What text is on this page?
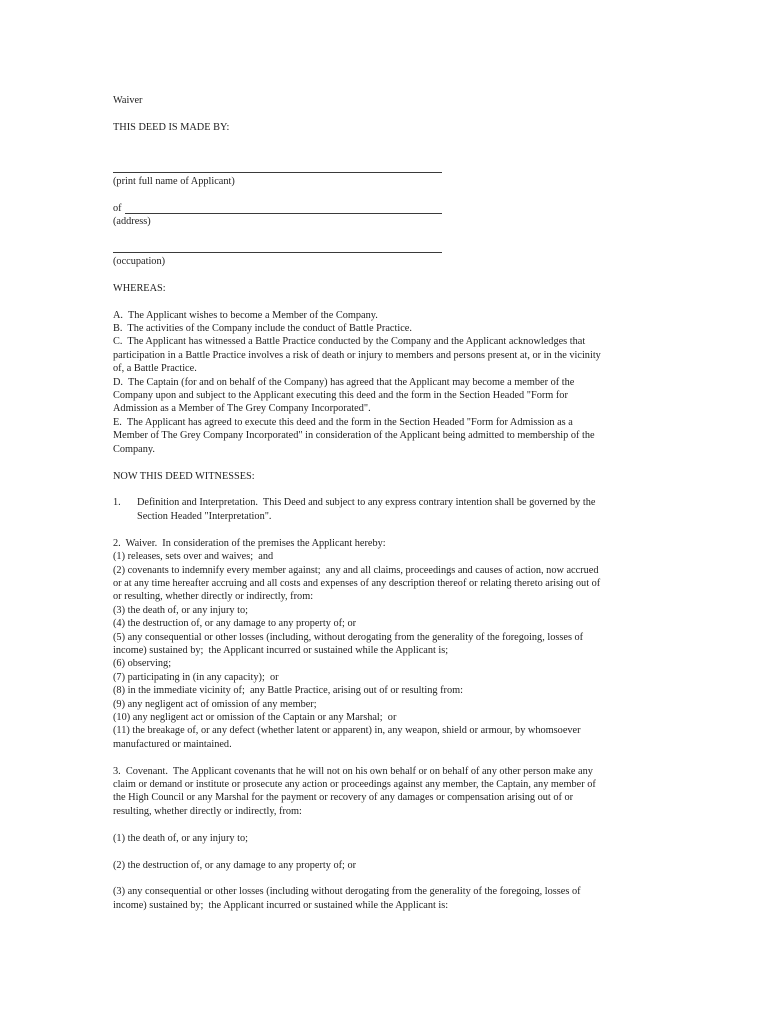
Waiver
THIS DEED IS MADE BY:
(print full name of Applicant)
of
(address)
(occupation)
WHEREAS:
A.  The Applicant wishes to become a Member of the Company.
B.  The activities of the Company include the conduct of Battle Practice.
C.  The Applicant has witnessed a Battle Practice conducted by the Company and the Applicant acknowledges that
participation in a Battle Practice involves a risk of death or injury to members and persons present at, or in the vicinity
of, a Battle Practice.
D.  The Captain (for and on behalf of the Company) has agreed that the Applicant may become a member of the
Company upon and subject to the Applicant executing this deed and the form in the Section Headed "Form for
Admission as a Member of The Grey Company Incorporated".
E.  The Applicant has agreed to execute this deed and the form in the Section Headed "Form for Admission as a
Member of The Grey Company Incorporated" in consideration of the Applicant being admitted to membership of the
Company.
NOW THIS DEED WITNESSES:
1. Definition and Interpretation.  This Deed and subject to any express contrary intention shall be governed by the
Section Headed "Interpretation".
2.  Waiver.  In consideration of the premises the Applicant hereby:
(1) releases, sets over and waives;  and
(2) covenants to indemnify every member against;  any and all claims, proceedings and causes of action, now accrued
or at any time hereafter accruing and all costs and expenses of any description thereof or relating thereto arising out of
or resulting, whether directly or indirectly, from:
(3) the death of, or any injury to;
(4) the destruction of, or any damage to any property of; or
(5) any consequential or other losses (including, without derogating from the generality of the foregoing, losses of
income) sustained by;  the Applicant incurred or sustained while the Applicant is;
(6) observing;
(7) participating in (in any capacity);  or
(8) in the immediate vicinity of;  any Battle Practice, arising out of or resulting from:
(9) any negligent act of omission of any member;
(10) any negligent act or omission of the Captain or any Marshal;  or
(11) the breakage of, or any defect (whether latent or apparent) in, any weapon, shield or armour, by whomsoever
manufactured or maintained.
3.  Covenant.  The Applicant covenants that he will not on his own behalf or on behalf of any other person make any
claim or demand or institute or prosecute any action or proceedings against any member, the Captain, any member of
the High Council or any Marshal for the payment or recovery of any damages or compensation arising out of or
resulting, whether directly or indirectly, from:
(1) the death of, or any injury to;
(2) the destruction of, or any damage to any property of; or
(3) any consequential or other losses (including without derogating from the generality of the foregoing, losses of
income) sustained by;  the Applicant incurred or sustained while the Applicant is:
